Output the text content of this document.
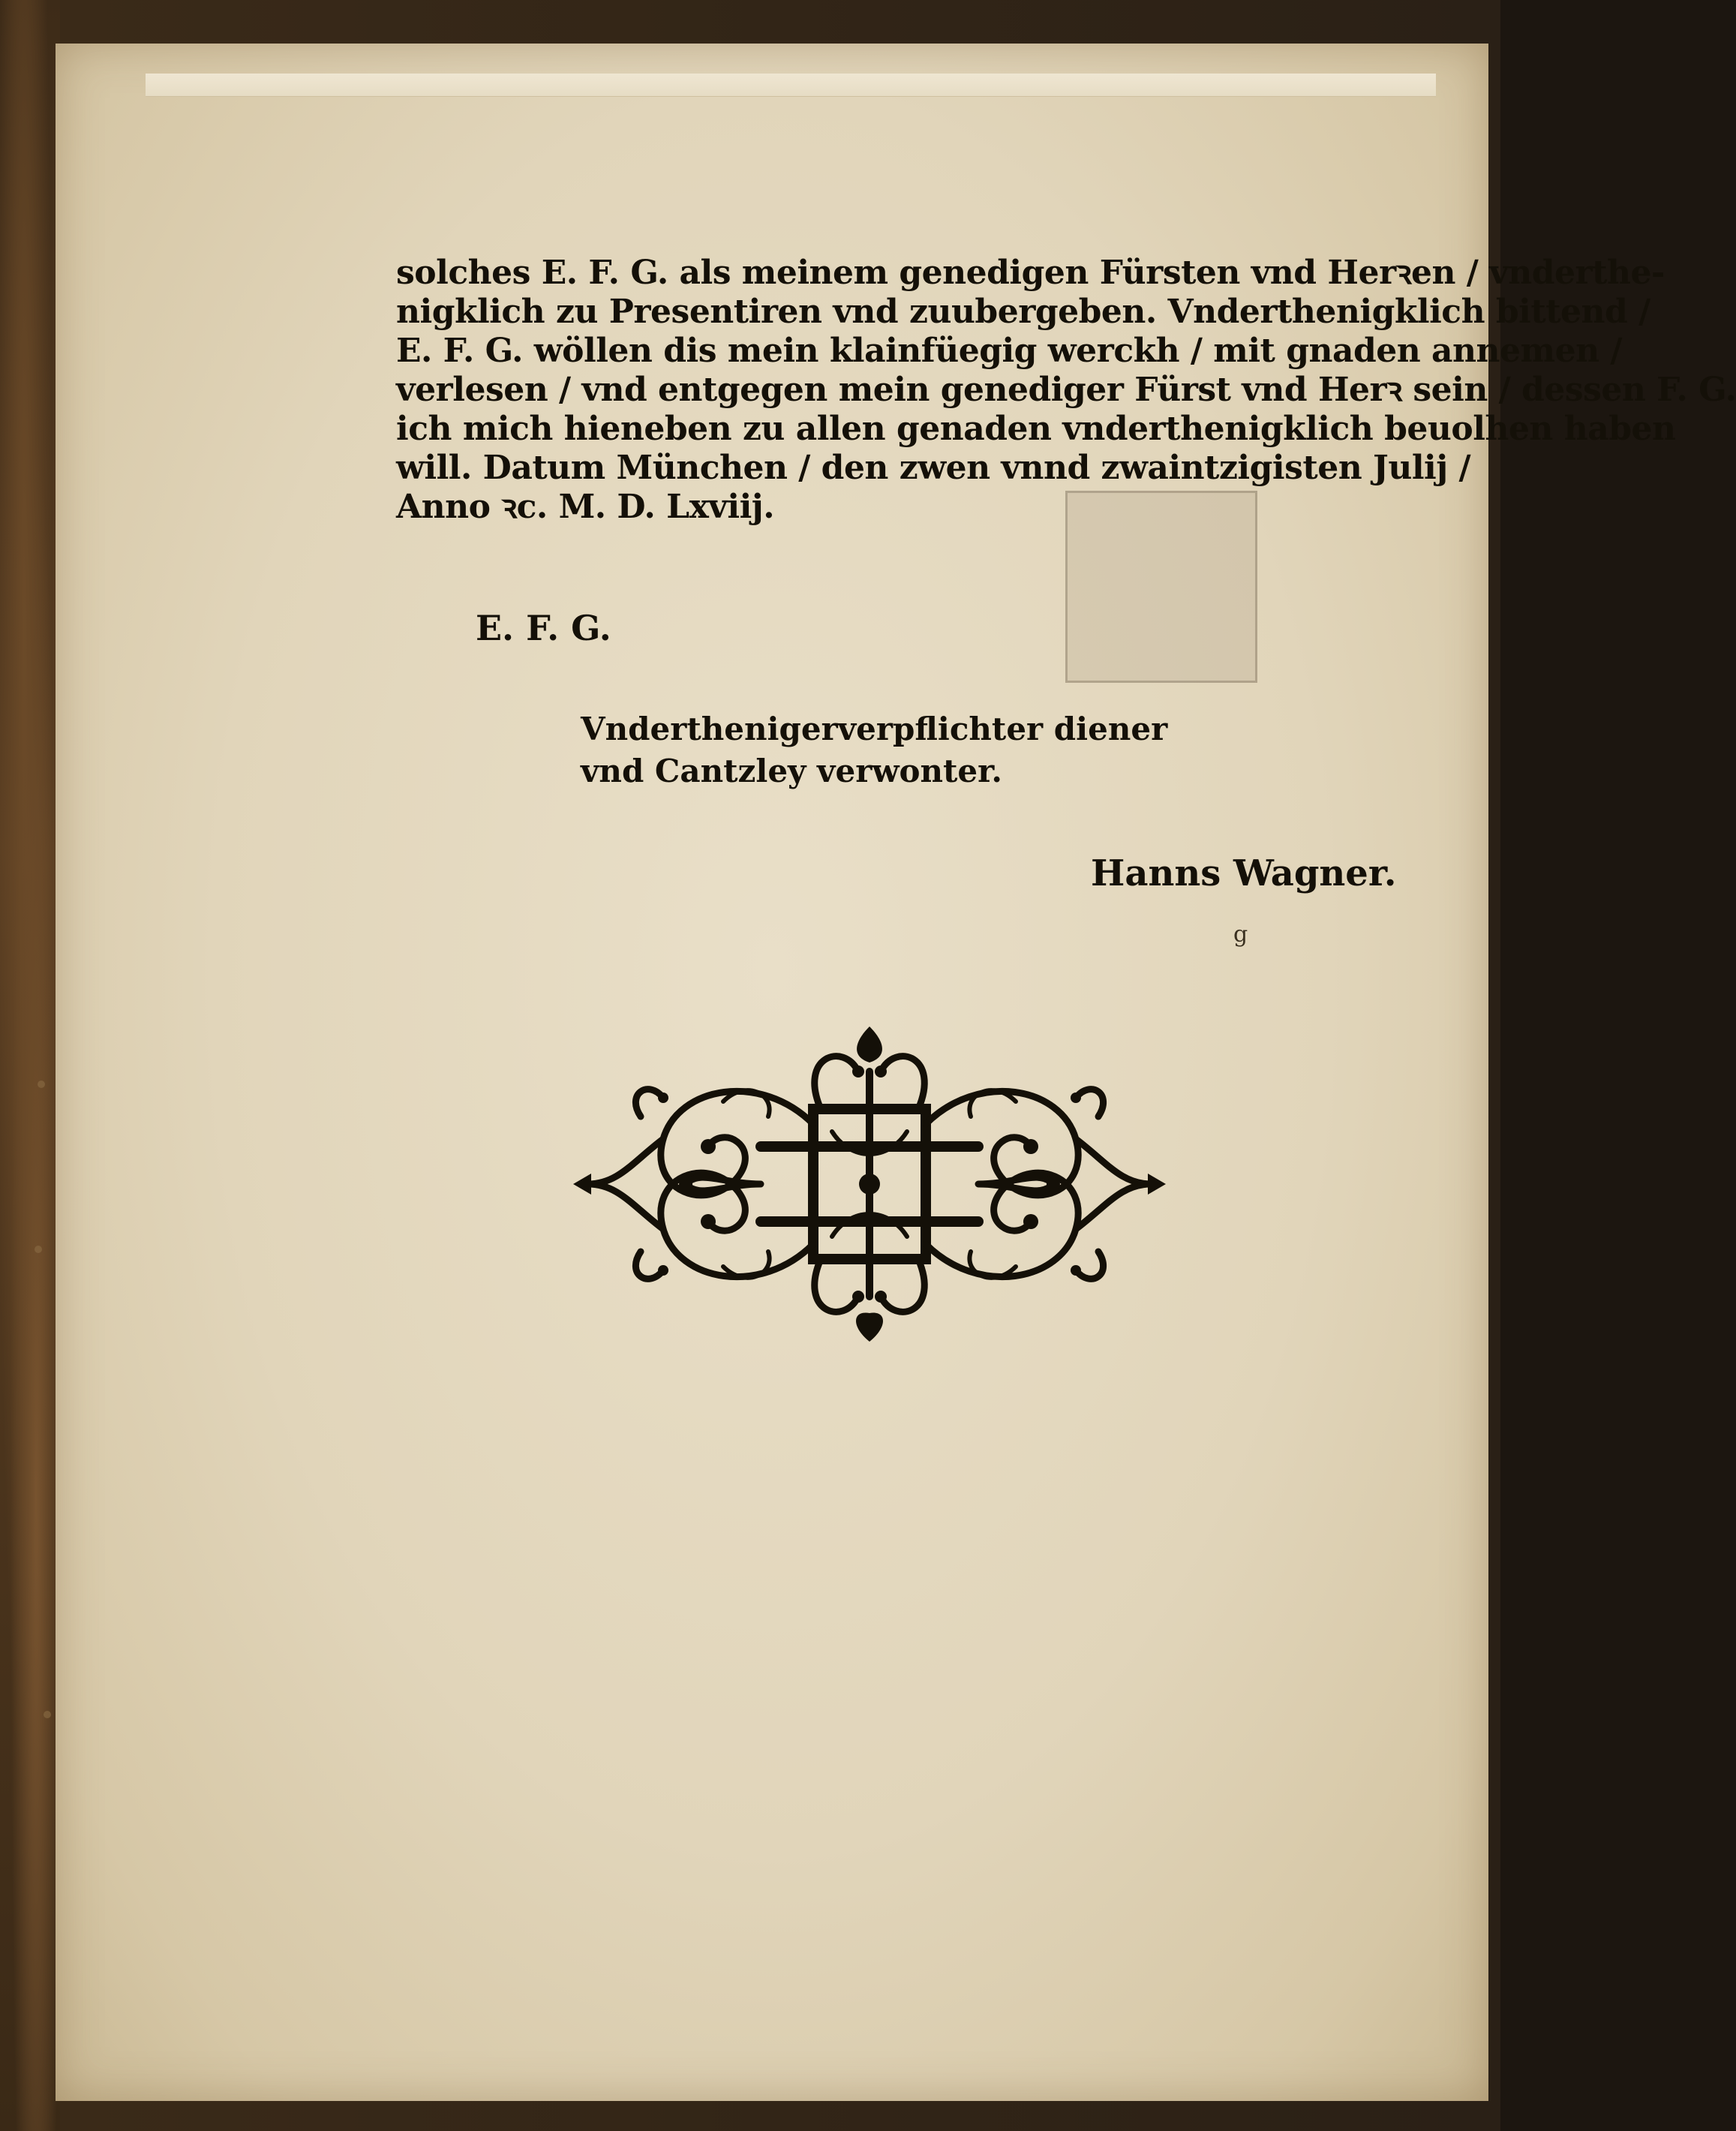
solches E. F. G. als meinem genedigen Fürsten vnd Herꝛen / vnderthe-
nigklich zu Presentiren vnd zuubergeben. Vnderthenigklich bittend /
E. F. G. wöllen dis mein klainfüegig werckh / mit gnaden annemen /
verlesen / vnd entgegen mein genediger Fürst vnd Herꝛ sein / dessen F. G.
ich mich hieneben zu allen genaden vnderthenigklich beuolhen haben
will. Datum München / den zwen vnnd zwaintzigisten Julij /
Anno ꝛc. M. D. Lxviij.
E. F. G.
Vnderthenigerverpflichter diener
vnd Cantzley verwonter.
Hanns Wagner.
g
